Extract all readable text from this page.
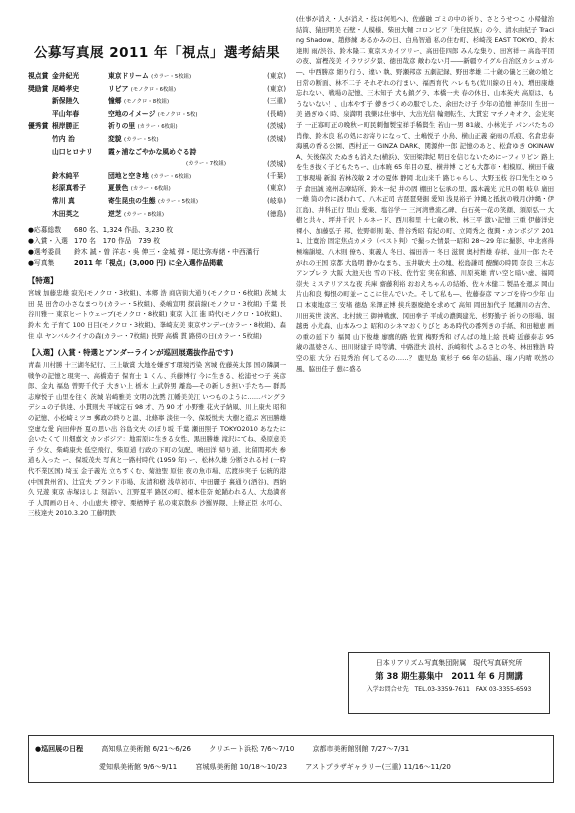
公募写真展 2011 年「視点」選考結果
視点賞 金井紀光	東京ドリーム (カラー・5枚組)	(東京)
奨励賞 尾崎孝史	リビア (モノクロ・6枚組)	(東京)
新保陸久	憧郷 (モノクロ・8枚組)	(三重)
平山年春	空地のイメージ (モノクロ・5枚)	(長崎)
優秀賞 根岸勝正	祈りの里 (カラー・6枚組)	(茨城)
竹内 治	変貌 (カラー・5枚)	(茨城)
山口ヒロナリ	霞ヶ浦なごやかな風めぐる詩
(カラー・7枚組)	(茨城)
鈴木純平	団地と空き地 (カラー・6枚組)	(千葉)
杉原真希子	夏景色 (カラー・6枚組)	(東京)
常川 真	寄生昆虫の生態 (カラー・5枚組)	(岐阜)
木田英之	逆芝 (カラー・8枚組)	(徳島)
●応募総数	680 名、1,324 作品、3,230 枚
●入賞・入選 170 名　170 作品　739 枚
●選考委員	鈴木 誠・曽 洋志・吳 伸三・金城 弾・尾辻弥寿緒・中西滿行
●写真集	2011 年「視点」(3,000 円) に全入選作品掲載
【特選】
宮城 加藤忠雄 寂光(モノクロ・3枚組)、本郷 浩 商店街大通り(モノクロ・6枚組) 茨城 太田 晃 田舎の小さなまつり(カラー・5枚組)、桑嶋宣明 探前線(モノクロ・3枚組) 千葉 長谷川雅一 東京ヒートウェーブ(モノクロ・8枚組) 東京 入江 進 時代(モノクロ・10枚組)、鈴木 允 子育て 100 日目(モノクロ・3枚組)、峯崎友美 東京サンデー(カラー・8枚組)、森住 卓 ヤンバルクイナの森(カラー・7枚組) 長野 高橋 貫 路傍の日(カラー・5枚組)
【入選】(入賞・特選とアンダーラインが巡回展選抜作品です)
青森 川村勝 十三湖冬紀行、三上敏賞 大地を嫌ぎす環境汚染 宮城 佐藤英太郎 国の隣調一戦争の記憶と現実一、高橋造子 保育士 1 くん、兵藤博行 今に生きる、松浦せつ子 英彦郎、金丸 福島 曽野千代子 大きい上 栃木 上武幹男 離島―その新しき担い手たち― 群馬 志摩悦子 山里を往く 茨城 岩崎雅美 文明の沈黙 江幡美美江 いつものように……バングラデシュの子供達、小貫則夫 平城定石 98 才、乃 90 才 小野雅 花火子納凧、川上康夫 昭和の記憶、小松崎ミツヨ 郵政の終りと温、北條寧 淡住一今、保坂悦夫 大樹と遊ぶ 宮田勝雄 空虚な愛 向田伸吾 夏の思い出 谷島文夫 のぼり坂 千葉 瀬田照子 TOKYO2010 あなたに会いたくて 川畑嘉文 カンボジア：地雷原に生きる女性、黒田勝雄 滝沢にてね、桑原意美子 少女、柴崎康夫 低空飛行、柴原道 行政の下町の気配、鳴田洋 帰り道、比留間邦夫 参道も入った ー、保坂茂夫 写真と一路村時代 (1959 年) ー、松林久雄 分断される村 (一時代不業区国) 埼玉 金子義光 立ちすくむ、菊池聖 原住 夜の魚市場、広渡歩実子 伝統的港(中国貴州省)、辻宜夫 ブランド市場、友清和樹 浅草初市、中田麗子 裏通り(酒谷)、西納久 兄遊 東京 赤塚ほしよ 刻話い、江野夏平 路区の町、榎本佳奈 蛇踊われる人、大島満喜子 人間画の日々、小山恵夫 標守、栗栖博子 私の東京散歩 沙羅界隈、上條正臣 水可心、三枝達夫 2010.3.20 工藤明鉄
(仕事が消え・人が消え・技は何処へ)、佐藤融 ゴミの中の祈り、さとうせつこ 小帰健治結筒、猿田明美 石壁・人模様、柴田大輔 コロンビア「先住民族」の今、清水由紀子 Tracing Shadow、趙修練 あるかみの日、白鳥智通 私の住む町、杉崎茂 EAST TOKYO、鈴木達則 雨/渋谷、鈴木隆二 東京スカイツリー、高田佳四郎 みんな集り、田宮祥一 高島平団の夜、富樫茂美 イラワジ夕景、徳田哉彦 敵わない月――新疆ウイグル自治区カシュガル―、中西勝彦 細り行う、違い 執、野瀬邦彦 五劇記録、野田孝雄 二十歳の儀と三歳の娘と日常の断面、林不二子 それぞれの行まい、福西育代 ハレもち(荒川線の日々)、増田康雄 忘れない、戦場の記憶、三木知子 犬も鎮グラ、本橋一夫 春の休日、山本英夫 高原は、もうないない！、山本やす子 儚きづくめの服でした、余田たけ子 少年の追憶 神奈川 生田一美 過ぎゆく時、泉満明 我樂は仕事中、大出光信 輪廻転生、大貫宏 マチノキオク、金光実子 一正寡町正の晩秋ー町民刺伽製宝祥手稀賢生 若山一男 81歳、小林光子 パンパたちの肖像、鈴木良 私の処にお寄りになって、土嶋悦子 小鳥、横山正義 豪雨の爪痕、名倉忠泰 海風の香る公園、西村正一 GINZA DARK、関源仲一郎 記憶のあと、松倉ゆき OKINAWA、矢後保次 たぬきも消えた(横浜)、安田梁津紀 明日を信じないためにーフィリピン 路上を生き抜く子どもたちー、山本暁 65 年目の夏、横井博 こども大都市・相模原、横田千蔵 工事現場 新潟 若林茂敏 2 才の夏体 静岡 北山来千 路じゃらし、大野玉枝 谷口先生とゆう子 倉田誠 遠州志摩結所、鈴木一紀 井の固 棚田と伝承の里、露木義光 元旦の朝 岐阜 廣田一雄 筒の舎に誘われて、八木正司 古琵琶発掘 愛知 浅見裕子 沖縄と抵抗の戦月(沖縄・伊江島)、井科正行 里山 愛楽、塩谷学一 三河湾豊流乙碑、白石英一花の笑顔、須原弘一 大樹と共々、坪井千沢 トルネード、西川和里 十七歳の秋、林三平 激い記憶 三重 伊藤洋史 裸小、加藤弘子 邦、佐野彰則 恥、普谷秀昭 有紀の町、立岡秀之 復興・カンボジア 2011、辻寛治 固定焦点カメラ（ベスト判）で撮った情景一昭和 28～29 年に撮影、中北喜得 極端韻境、八木則 僚ち、東義人 冬日、福田善一 冬日 滋賀 奥村哲雄 春祥、並川一郎 たそがれの王国 京都 大島明 静かなまち、玉井敏夫 土の塊、松島謙司 醍醐の時間 奈良 三木志 アンプレラ 大阪 大池天也 雪の下枝、佐竹宏 実在和感、川原英雄 青い空と暗い虚、福岡崇夫 ミステリアスな夜 兵庫 齋藤利裕 おおえちゃんの結婚、佐々木健二 製品を運ぶ 岡山 片山和良 悔恨の町並ーここに住んでいた。そして私も―、佐藤泰彦 マンゴを待つ少年 山口 本東地彦三 安堵 徳島 米澤正博 挟兵器廃絶を求めて 高知 岡田加代子 尾瀬川の古舎、川田英世 淡宮、北村綾三 御神戦旗、冈田拳子 平成の濃興建光、杉野勤子 祈りの形場、堀越勇 小尤森、山本みつよ 昭和のシネマおくりびと ああ時代の番列きの手紙、和田穂恵 画の重の延下り 福岡 山下俊雄 廖鷹的路 佐賀 梅野秀和 げんばの地上絵 長崎 近藤泰志 95 歳の温婆さん、田川財建子 時等溝、中路澄夫 浪村、浜崎和代 ふるさとの冬、林田雅浩 時空の旅 大分 石見秀治 何してるの……？ 鹿児島 東杉子 66 年の結晶、瑞ノ内晴 咲然の風、脇田佳子 憩に盛る
日本リアリズム写真集団附属　現代写真研究所
第 38 期生募集中　2011 年 6 月開講
入学お問合せ先　TEL.03-3359-7611　FAX 03-3355-6593
●巡回展の日程	高知県立美術館 6/21～6/26	クリエート浜松 7/6～7/10	京都市美術館別館 7/27～7/31
愛知県美術館 9/6～9/11	宮城県美術館 10/18～10/23	アストプラザギャラリー(三重) 11/16～11/20
